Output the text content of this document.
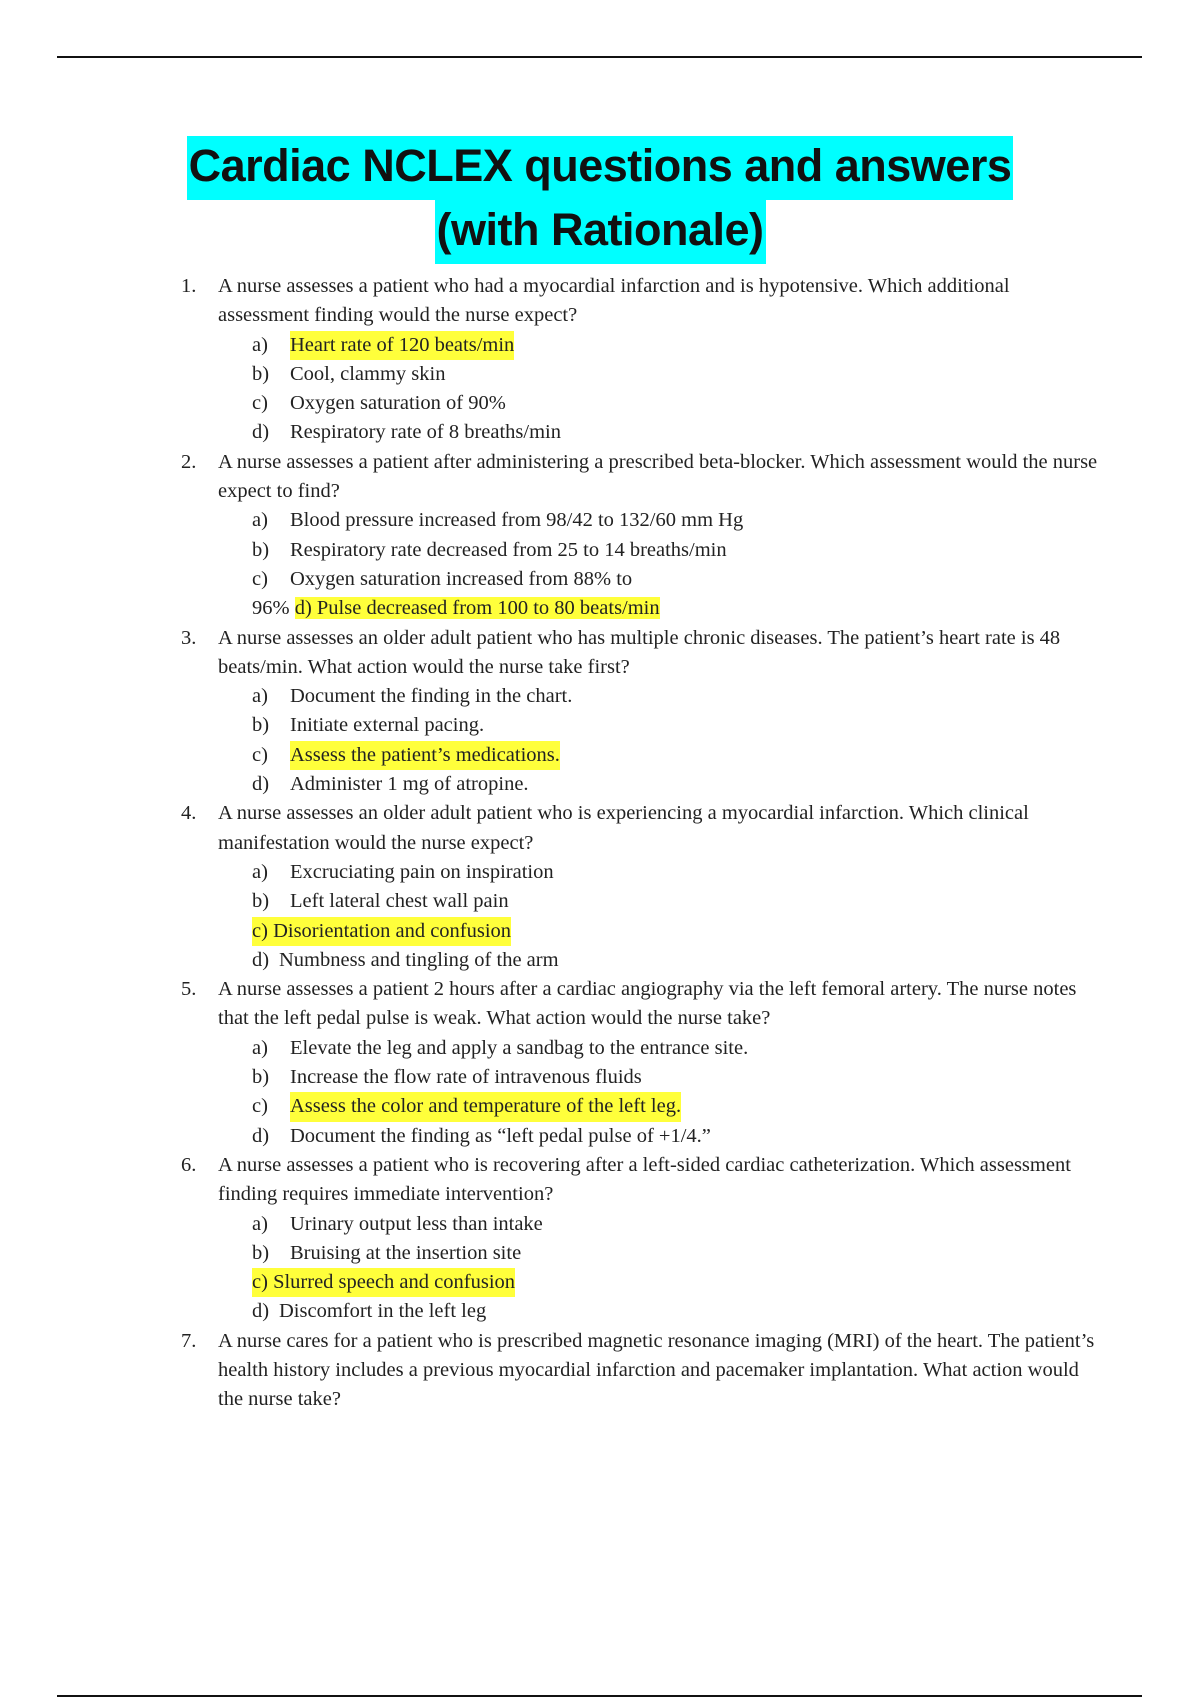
Cardiac NCLEX questions and answers
(with Rationale)
1.	A nurse assesses a patient who had a myocardial infarction and is hypotensive. Which additional assessment finding would the nurse expect?
a) Heart rate of 120 beats/min
b) Cool, clammy skin
c) Oxygen saturation of 90%
d) Respiratory rate of 8 breaths/min
2.	A nurse assesses a patient after administering a prescribed beta-blocker. Which assessment would the nurse expect to find?
a) Blood pressure increased from 98/42 to 132/60 mm Hg
b) Respiratory rate decreased from 25 to 14 breaths/min
c) Oxygen saturation increased from 88% to
96% d) Pulse decreased from 100 to 80 beats/min
3.	A nurse assesses an older adult patient who has multiple chronic diseases. The patient’s heart rate is 48 beats/min. What action would the nurse take first?
a) Document the finding in the chart.
b) Initiate external pacing.
c) Assess the patient’s medications.
d) Administer 1 mg of atropine.
4.	A nurse assesses an older adult patient who is experiencing a myocardial infarction. Which clinical manifestation would the nurse expect?
a) Excruciating pain on inspiration
b) Left lateral chest wall pain
c) Disorientation and confusion
d) Numbness and tingling of the arm
5.	A nurse assesses a patient 2 hours after a cardiac angiography via the left femoral artery. The nurse notes that the left pedal pulse is weak. What action would the nurse take?
a) Elevate the leg and apply a sandbag to the entrance site.
b) Increase the flow rate of intravenous fluids
c) Assess the color and temperature of the left leg.
d) Document the finding as “left pedal pulse of +1/4.”
6.	A nurse assesses a patient who is recovering after a left-sided cardiac catheterization. Which assessment finding requires immediate intervention?
a) Urinary output less than intake
b) Bruising at the insertion site
c) Slurred speech and confusion
d) Discomfort in the left leg
7.	A nurse cares for a patient who is prescribed magnetic resonance imaging (MRI) of the heart. The patient’s health history includes a previous myocardial infarction and pacemaker implantation. What action would the nurse take?
